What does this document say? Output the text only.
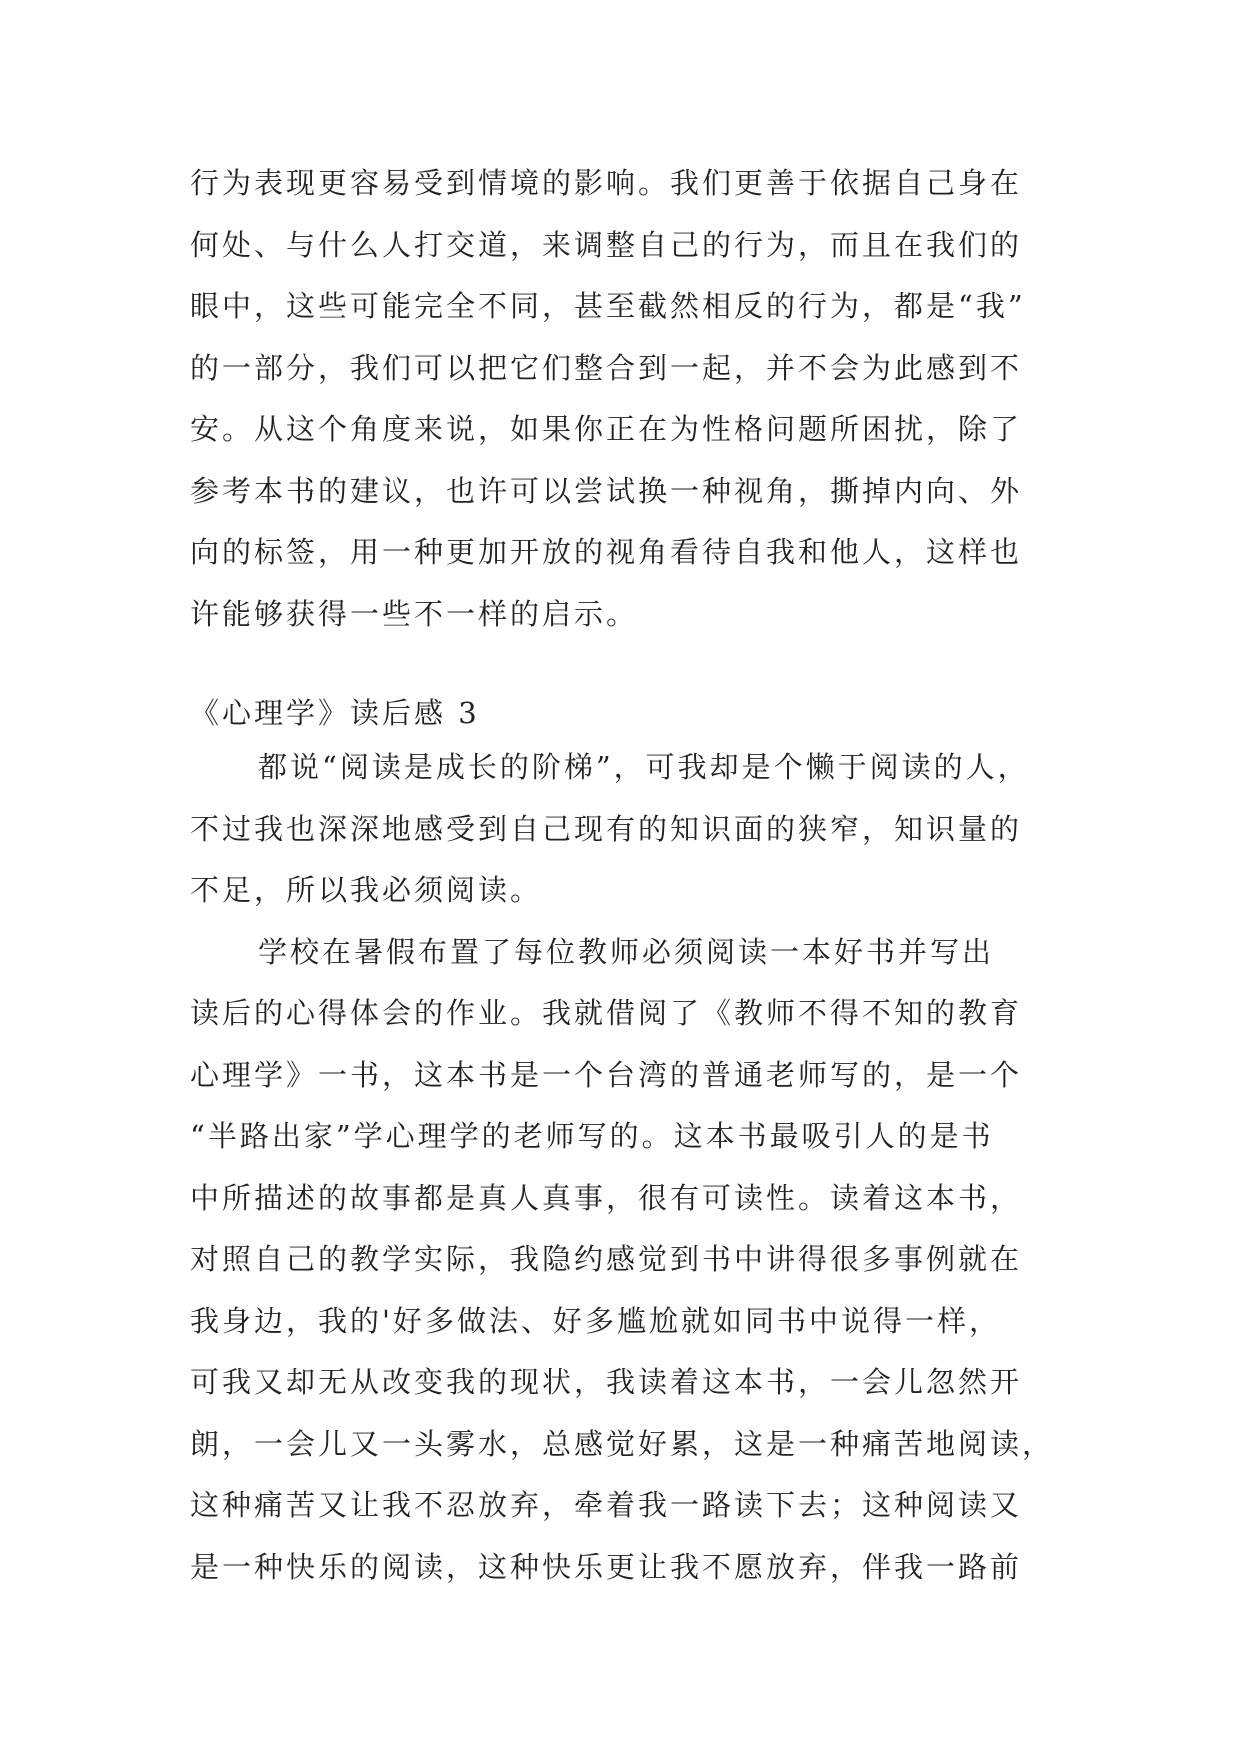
行为表现更容易受到情境的影响。我们更善于依据自己身在
何处、与什么人打交道，来调整自己的行为，而且在我们的
眼中，这些可能完全不同，甚至截然相反的行为，都是“我”
的一部分，我们可以把它们整合到一起，并不会为此感到不
安。从这个角度来说，如果你正在为性格问题所困扰，除了
参考本书的建议，也许可以尝试换一种视角，撕掉内向、外
向的标签，用一种更加开放的视角看待自我和他人，这样也
许能够获得一些不一样的启示。
《心理学》读后感 3
都说“阅读是成长的阶梯”，可我却是个懒于阅读的人，
不过我也深深地感受到自己现有的知识面的狭窄，知识量的
不足，所以我必须阅读。
学校在暑假布置了每位教师必须阅读一本好书并写出
读后的心得体会的作业。我就借阅了《教师不得不知的教育
心理学》一书，这本书是一个台湾的普通老师写的，是一个
“半路出家”学心理学的老师写的。这本书最吸引人的是书
中所描述的故事都是真人真事，很有可读性。读着这本书，
对照自己的教学实际，我隐约感觉到书中讲得很多事例就在
我身边，我的'好多做法、好多尴尬就如同书中说得一样，
可我又却无从改变我的现状，我读着这本书，一会儿忽然开
朗，一会儿又一头雾水，总感觉好累，这是一种痛苦地阅读，
这种痛苦又让我不忍放弃，牵着我一路读下去；这种阅读又
是一种快乐的阅读，这种快乐更让我不愿放弃，伴我一路前
